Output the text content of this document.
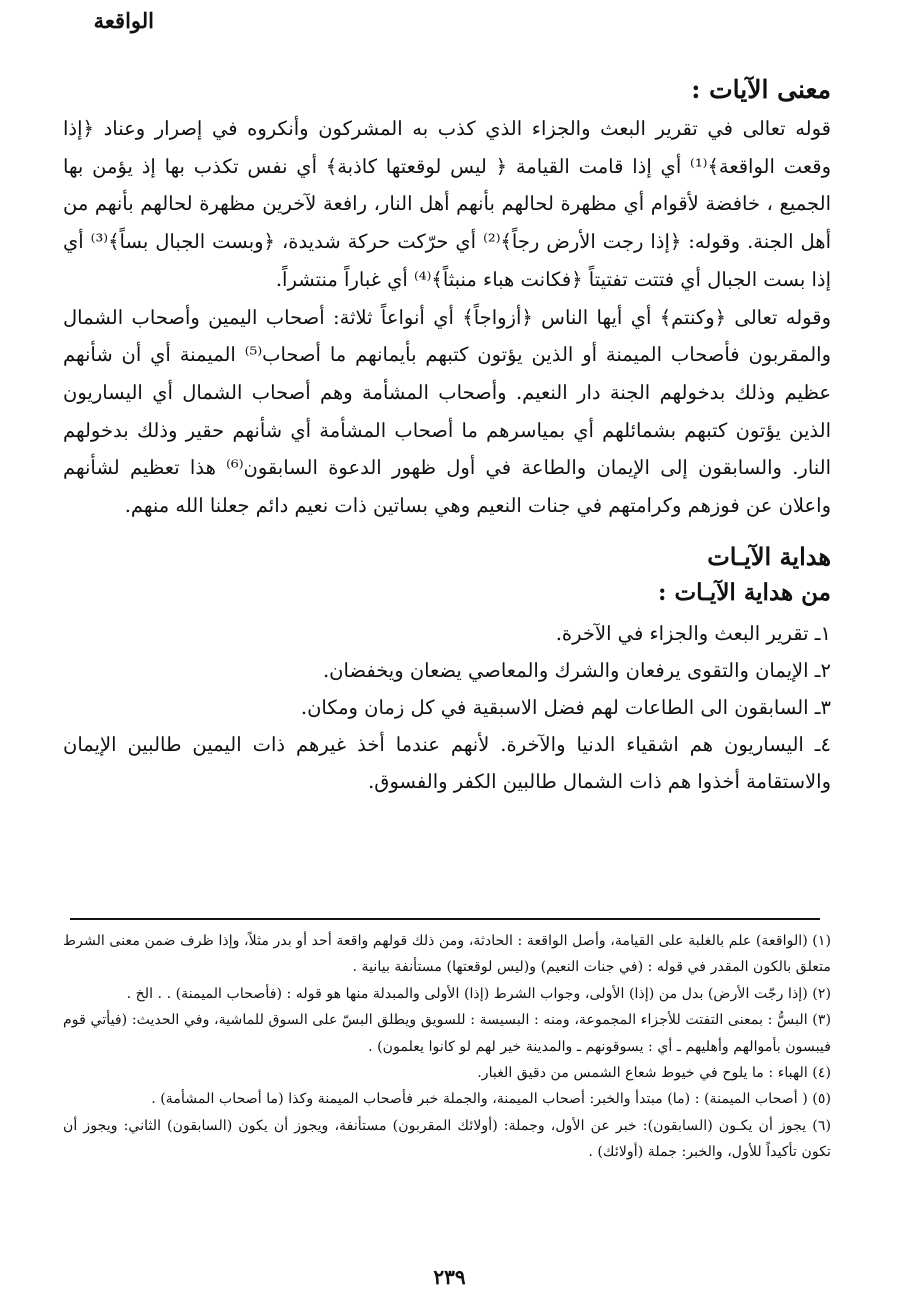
الواقعة
معنى الآيات :

قوله تعالى في تقرير البعث والجزاء الذي كذب به المشركون وأنكروه في إصرار وعناد ﴿إذا وقعت الواقعة﴾⁽¹⁾ أي إذا قامت القيامة ﴿ ليس لوقعتها كاذبة﴾ أي نفس تكذب بها إذ يؤمن بها الجميع ، خافضة لأقوام أي مظهرة لحالهم بأنهم أهل النار، رافعة لآخرين مظهرة لحالهم بأنهم من أهل الجنة. وقوله: ﴿إذا رجت الأرض رجاً﴾⁽²⁾ أي حرّكت حركة شديدة، ﴿وبست الجبال بساً﴾⁽³⁾ أي إذا بست الجبال أي فتتت تفتيتاً ﴿فكانت هباء منبثاً﴾⁽⁴⁾ أي غباراً منتشراً.

وقوله تعالى ﴿وكنتم﴾ أي أيها الناس ﴿أزواجاً﴾ أي أنواعاً ثلاثة: أصحاب اليمين وأصحاب الشمال والمقربون فأصحاب الميمنة أو الذين يؤتون كتبهم بأيمانهم ما أصحاب⁽⁵⁾ الميمنة أي أن شأنهم عظيم وذلك بدخولهم الجنة دار النعيم. وأصحاب المشأمة وهم أصحاب الشمال أي اليساريون الذين يؤتون كتبهم بشمائلهم أي بمياسرهم ما أصحاب المشأمة أي شأنهم حقير وذلك بدخولهم النار. والسابقون إلى الإيمان والطاعة في أول ظهور الدعوة السابقون⁽⁶⁾ هذا تعظيم لشأنهم واعلان عن فوزهم وكرامتهم في جنات النعيم وهي بساتين ذات نعيم دائم جعلنا الله منهم.

هداية الآيـات
من هداية الآيـات :
١ـ تقرير البعث والجزاء في الآخرة.
٢ـ الإيمان والتقوى يرفعان والشرك والمعاصي يضعان ويخفضان.
٣ـ السابقون الى الطاعات لهم فضل الاسبقية في كل زمان ومكان.
٤ـ اليساريون هم اشقياء الدنيا والآخرة. لأنهم عندما أخذ غيرهم ذات اليمين طالبين الإيمان والاستقامة أخذوا هم ذات الشمال طالبين الكفر والفسوق.

(١) (الواقعة) علم بالغلبة على القيامة، وأصل الواقعة : الحادثة، ومن ذلك قولهم واقعة أحد أو بدر مثلاً، وإذا ظرف ضمن معنى الشرط متعلق بالكون المقدر في قوله : (في جنات النعيم) و(ليس لوقعتها) مستأنفة بيانية .

(٢) (إذا رجّت الأرض) بدل من (إذا) الأولى، وجواب الشرط (إذا) الأولى والمبدلة منها هو قوله : (فأصحاب الميمنة) . . الخ .

(٣) البسُّ : بمعنى التفتت للأجزاء المجموعة، ومنه : البسيسة : للسويق ويطلق البسّ على السوق للماشية، وفي الحديث: (فيأتي قوم فيبسون بأموالهم وأهليهم ـ أي : يسوقونهم ـ والمدينة خير لهم لو كانوا يعلمون) .

(٤) الهباء : ما يلوح في خيوط شعاع الشمس من دقيق الغبار.

(٥) ( أصحاب الميمنة) : (ما) مبتدأ والخبر: أصحاب الميمنة، والجملة خبر فأصحاب الميمنة وكذا (ما أصحاب المشأمة) .

(٦) يجوز أن يكـون (السابقون): خبر عن الأول، وجملة: (أولائك المقربون) مستأنفة، ويجوز أن يكون (السابقون) الثاني: ويجوز أن تكون تأكيداً للأول، والخبر: جملة (أولائك) .

٢٣٩
